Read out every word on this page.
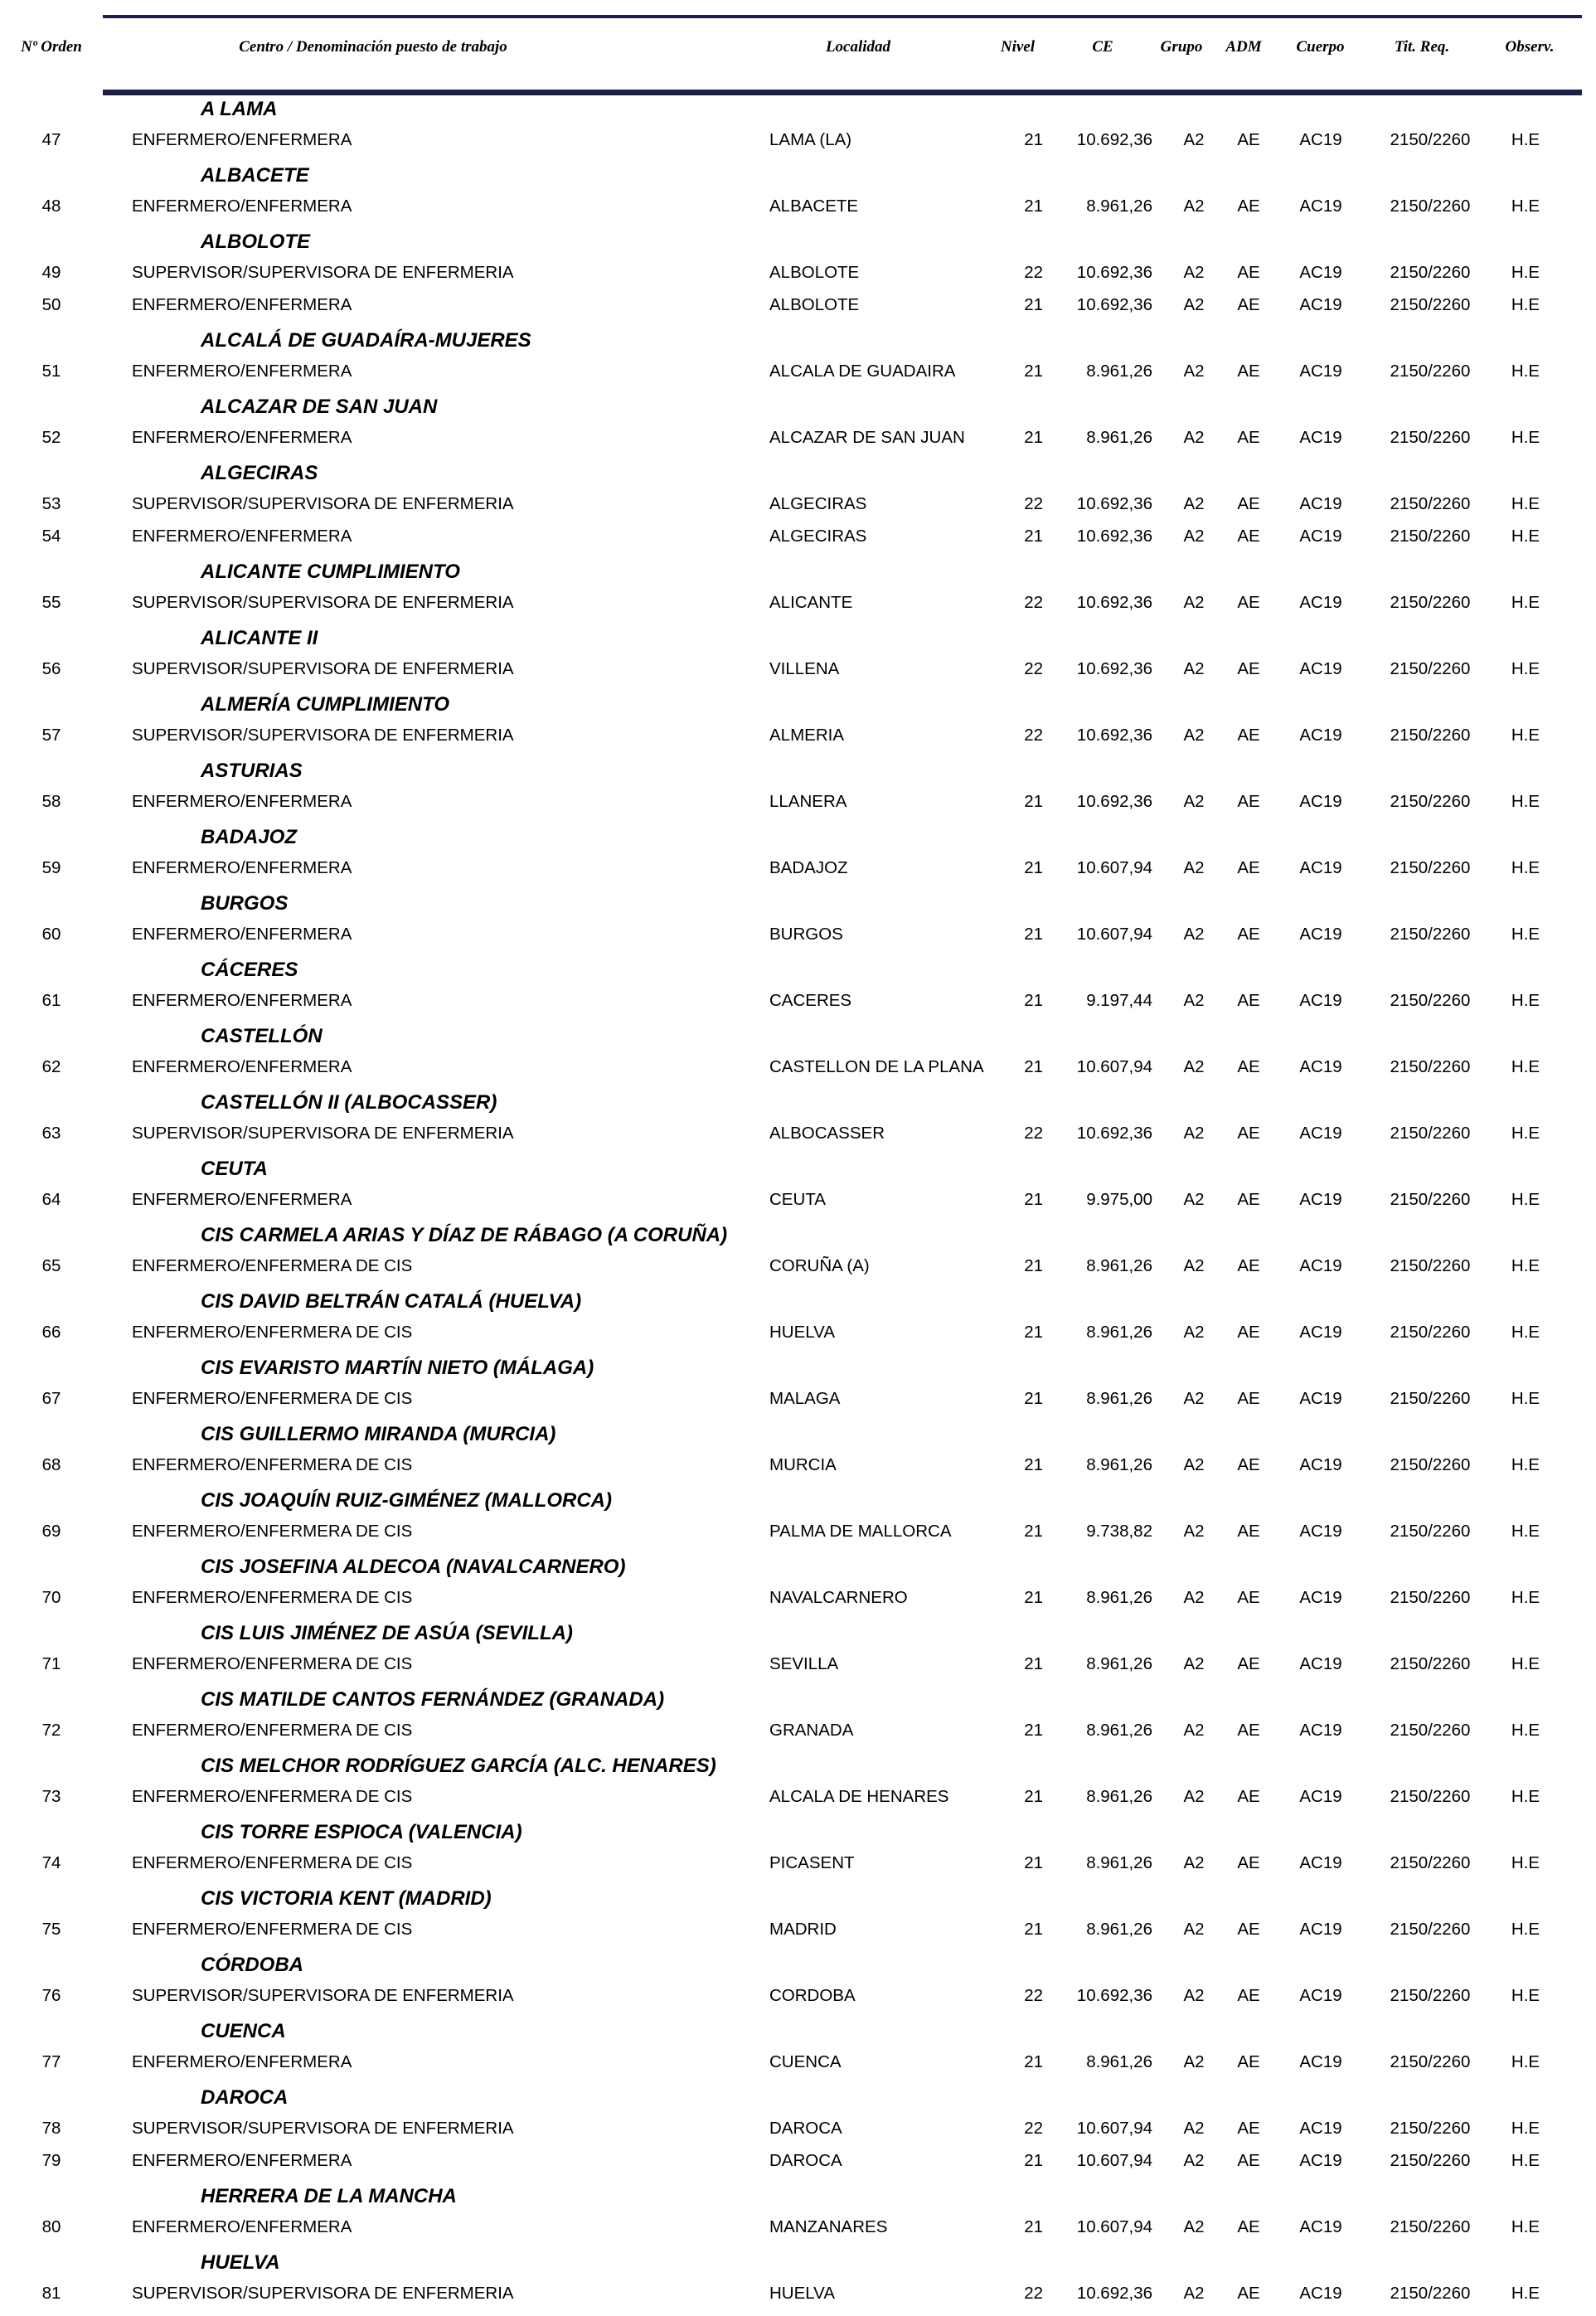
Nº Orden	Centro / Denominación puesto de trabajo	Localidad	Nivel	CE	Grupo	ADM	Cuerpo	Tit. Req.	Observ.
A LAMA
47	ENFERMERO/ENFERMERA	LAMA (LA)	21	10.692,36	A2	AE	AC19	2150/2260	H.E
ALBACETE
48	ENFERMERO/ENFERMERA	ALBACETE	21	8.961,26	A2	AE	AC19	2150/2260	H.E
ALBOLOTE
49	SUPERVISOR/SUPERVISORA DE ENFERMERIA	ALBOLOTE	22	10.692,36	A2	AE	AC19	2150/2260	H.E
50	ENFERMERO/ENFERMERA	ALBOLOTE	21	10.692,36	A2	AE	AC19	2150/2260	H.E
ALCALÁ DE GUADAÍRA-MUJERES
51	ENFERMERO/ENFERMERA	ALCALA DE GUADAIRA	21	8.961,26	A2	AE	AC19	2150/2260	H.E
ALCAZAR DE SAN JUAN
52	ENFERMERO/ENFERMERA	ALCAZAR DE SAN JUAN	21	8.961,26	A2	AE	AC19	2150/2260	H.E
ALGECIRAS
53	SUPERVISOR/SUPERVISORA DE ENFERMERIA	ALGECIRAS	22	10.692,36	A2	AE	AC19	2150/2260	H.E
54	ENFERMERO/ENFERMERA	ALGECIRAS	21	10.692,36	A2	AE	AC19	2150/2260	H.E
ALICANTE CUMPLIMIENTO
55	SUPERVISOR/SUPERVISORA DE ENFERMERIA	ALICANTE	22	10.692,36	A2	AE	AC19	2150/2260	H.E
ALICANTE II
56	SUPERVISOR/SUPERVISORA DE ENFERMERIA	VILLENA	22	10.692,36	A2	AE	AC19	2150/2260	H.E
ALMERÍA CUMPLIMIENTO
57	SUPERVISOR/SUPERVISORA DE ENFERMERIA	ALMERIA	22	10.692,36	A2	AE	AC19	2150/2260	H.E
ASTURIAS
58	ENFERMERO/ENFERMERA	LLANERA	21	10.692,36	A2	AE	AC19	2150/2260	H.E
BADAJOZ
59	ENFERMERO/ENFERMERA	BADAJOZ	21	10.607,94	A2	AE	AC19	2150/2260	H.E
BURGOS
60	ENFERMERO/ENFERMERA	BURGOS	21	10.607,94	A2	AE	AC19	2150/2260	H.E
CÁCERES
61	ENFERMERO/ENFERMERA	CACERES	21	9.197,44	A2	AE	AC19	2150/2260	H.E
CASTELLÓN
62	ENFERMERO/ENFERMERA	CASTELLON DE LA PLANA	21	10.607,94	A2	AE	AC19	2150/2260	H.E
CASTELLÓN II (ALBOCASSER)
63	SUPERVISOR/SUPERVISORA DE ENFERMERIA	ALBOCASSER	22	10.692,36	A2	AE	AC19	2150/2260	H.E
CEUTA
64	ENFERMERO/ENFERMERA	CEUTA	21	9.975,00	A2	AE	AC19	2150/2260	H.E
CIS CARMELA ARIAS Y DÍAZ DE RÁBAGO (A CORUÑA)
65	ENFERMERO/ENFERMERA DE CIS	CORUÑA (A)	21	8.961,26	A2	AE	AC19	2150/2260	H.E
CIS DAVID BELTRÁN CATALÁ (HUELVA)
66	ENFERMERO/ENFERMERA DE CIS	HUELVA	21	8.961,26	A2	AE	AC19	2150/2260	H.E
CIS EVARISTO MARTÍN NIETO (MÁLAGA)
67	ENFERMERO/ENFERMERA DE CIS	MALAGA	21	8.961,26	A2	AE	AC19	2150/2260	H.E
CIS GUILLERMO MIRANDA (MURCIA)
68	ENFERMERO/ENFERMERA DE CIS	MURCIA	21	8.961,26	A2	AE	AC19	2150/2260	H.E
CIS JOAQUÍN RUIZ-GIMÉNEZ (MALLORCA)
69	ENFERMERO/ENFERMERA DE CIS	PALMA DE MALLORCA	21	9.738,82	A2	AE	AC19	2150/2260	H.E
CIS JOSEFINA ALDECOA (NAVALCARNERO)
70	ENFERMERO/ENFERMERA DE CIS	NAVALCARNERO	21	8.961,26	A2	AE	AC19	2150/2260	H.E
CIS LUIS JIMÉNEZ DE ASÚA (SEVILLA)
71	ENFERMERO/ENFERMERA DE CIS	SEVILLA	21	8.961,26	A2	AE	AC19	2150/2260	H.E
CIS MATILDE CANTOS FERNÁNDEZ (GRANADA)
72	ENFERMERO/ENFERMERA DE CIS	GRANADA	21	8.961,26	A2	AE	AC19	2150/2260	H.E
CIS MELCHOR RODRÍGUEZ GARCÍA (ALC. HENARES)
73	ENFERMERO/ENFERMERA DE CIS	ALCALA DE HENARES	21	8.961,26	A2	AE	AC19	2150/2260	H.E
CIS TORRE ESPIOCA (VALENCIA)
74	ENFERMERO/ENFERMERA DE CIS	PICASENT	21	8.961,26	A2	AE	AC19	2150/2260	H.E
CIS VICTORIA KENT (MADRID)
75	ENFERMERO/ENFERMERA DE CIS	MADRID	21	8.961,26	A2	AE	AC19	2150/2260	H.E
CÓRDOBA
76	SUPERVISOR/SUPERVISORA DE ENFERMERIA	CORDOBA	22	10.692,36	A2	AE	AC19	2150/2260	H.E
CUENCA
77	ENFERMERO/ENFERMERA	CUENCA	21	8.961,26	A2	AE	AC19	2150/2260	H.E
DAROCA
78	SUPERVISOR/SUPERVISORA DE ENFERMERIA	DAROCA	22	10.607,94	A2	AE	AC19	2150/2260	H.E
79	ENFERMERO/ENFERMERA	DAROCA	21	10.607,94	A2	AE	AC19	2150/2260	H.E
HERRERA DE LA MANCHA
80	ENFERMERO/ENFERMERA	MANZANARES	21	10.607,94	A2	AE	AC19	2150/2260	H.E
HUELVA
81	SUPERVISOR/SUPERVISORA DE ENFERMERIA	HUELVA	22	10.692,36	A2	AE	AC19	2150/2260	H.E
